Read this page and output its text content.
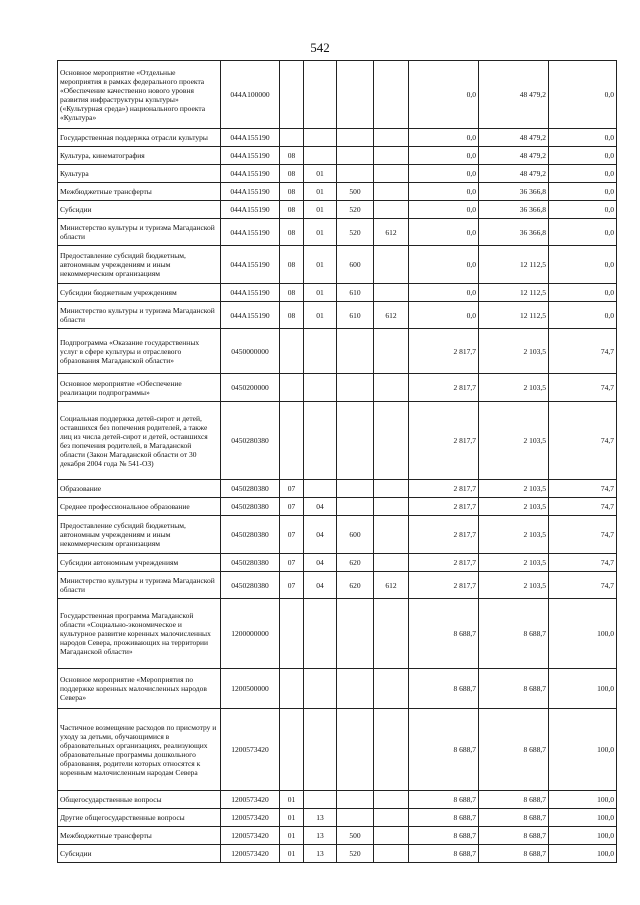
542
Основное мероприятие «Отдельные мероприятия в рамках федерального проекта «Обеспечение качественно нового уровня развития инфраструктуры культуры» («Культурная среда») национального проекта «Культура»	044A100000					0,0	48 479,2	0,0
Государственная поддержка отрасли культуры	044A155190					0,0	48 479,2	0,0
Культура, кинематография	044A155190	08				0,0	48 479,2	0,0
Культура	044A155190	08	01			0,0	48 479,2	0,0
Межбюджетные трансферты	044A155190	08	01	500		0,0	36 366,8	0,0
Субсидии	044A155190	08	01	520		0,0	36 366,8	0,0
Министерство культуры и туризма Магаданской области	044A155190	08	01	520	612	0,0	36 366,8	0,0
Предоставление субсидий бюджетным, автономным учреждениям и иным некоммерческим организациям	044A155190	08	01	600		0,0	12 112,5	0,0
Субсидии бюджетным учреждениям	044A155190	08	01	610		0,0	12 112,5	0,0
Министерство культуры и туризма Магаданской области	044A155190	08	01	610	612	0,0	12 112,5	0,0
Подпрограмма «Оказание государственных услуг в сфере культуры и отраслевого образования Магаданской области»	0450000000					2 817,7	2 103,5	74,7
Основное мероприятие «Обеспечение реализации подпрограммы»	0450200000					2 817,7	2 103,5	74,7
Социальная поддержка детей-сирот и детей, оставшихся без попечения родителей, а также лиц из числа детей-сирот и детей, оставшихся без попечения родителей, в Магаданской области (Закон Магаданской области от 30 декабря 2004 года № 541-ОЗ)	0450280380					2 817,7	2 103,5	74,7
Образование	0450280380	07				2 817,7	2 103,5	74,7
Среднее профессиональное образование	0450280380	07	04			2 817,7	2 103,5	74,7
Предоставление субсидий бюджетным, автономным учреждениям и иным некоммерческим организациям	0450280380	07	04	600		2 817,7	2 103,5	74,7
Субсидии автономным учреждениям	0450280380	07	04	620		2 817,7	2 103,5	74,7
Министерство культуры и туризма Магаданской области	0450280380	07	04	620	612	2 817,7	2 103,5	74,7
Государственная программа Магаданской области «Социально-экономическое и культурное развитие коренных малочисленных народов Севера, проживающих на территории Магаданской области»	1200000000					8 688,7	8 688,7	100,0
Основное мероприятие «Мероприятия по поддержке коренных малочисленных народов Севера»	1200500000					8 688,7	8 688,7	100,0
Частичное возмещение расходов по присмотру и уходу за детьми, обучающимися в образовательных организациях, реализующих образовательные программы дошкольного образования, родители которых относятся к коренным малочисленным народам Севера	1200573420					8 688,7	8 688,7	100,0
Общегосударственные вопросы	1200573420	01				8 688,7	8 688,7	100,0
Другие общегосударственные вопросы	1200573420	01	13			8 688,7	8 688,7	100,0
Межбюджетные трансферты	1200573420	01	13	500		8 688,7	8 688,7	100,0
Субсидии	1200573420	01	13	520		8 688,7	8 688,7	100,0
